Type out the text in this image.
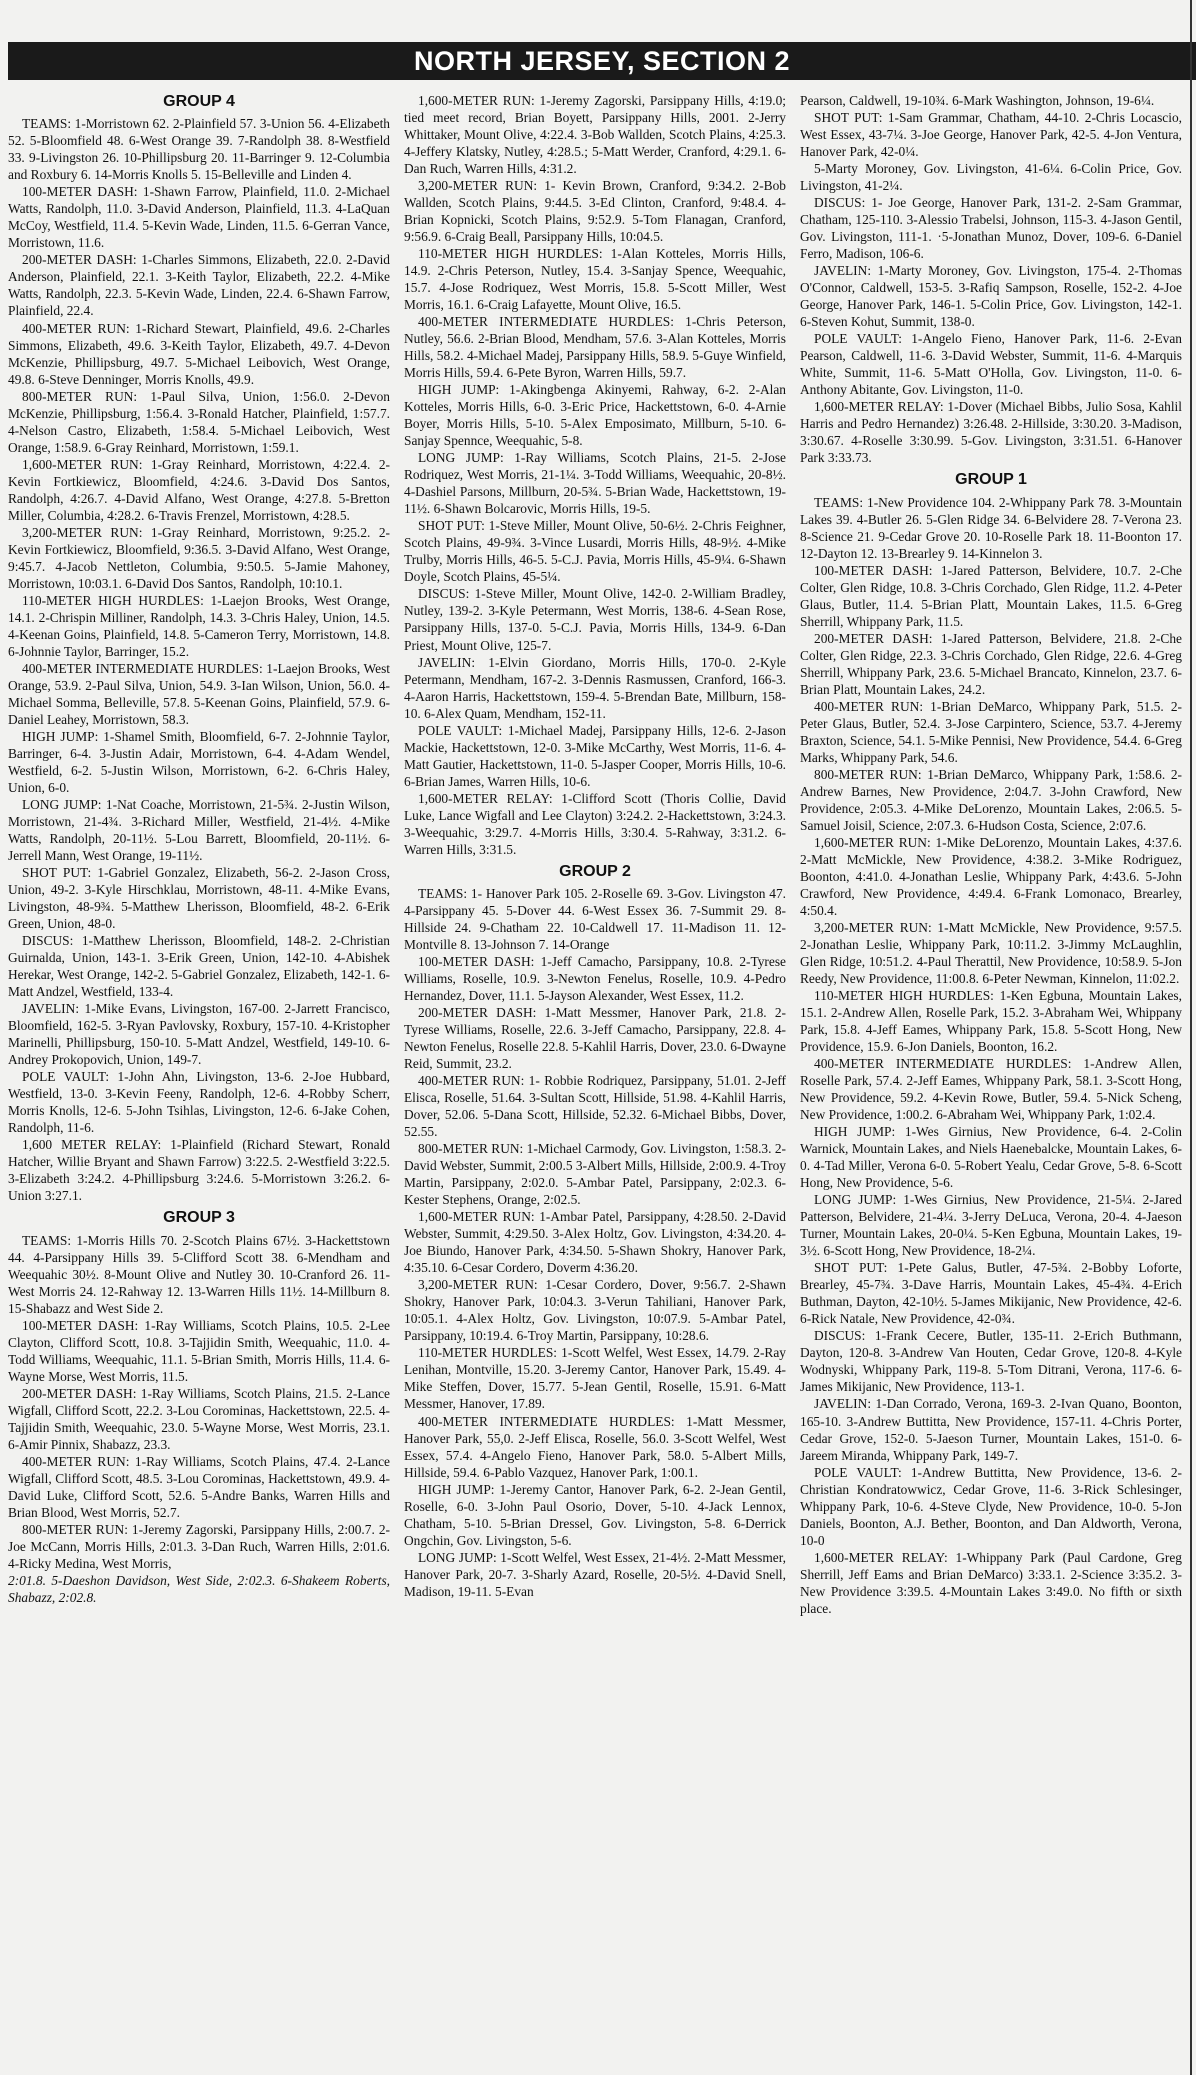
NORTH JERSEY, SECTION 2

GROUP 4

TEAMS: 1-Morristown 62. 2-Plainfield 57. 3-Union 56. 4-Elizabeth 52. 5-Bloomfield 48. 6-West Orange 39. 7-Randolph 38. 8-Westfield 33. 9-Livingston 26. 10-Phillipsburg 20. 11-Barringer 9. 12-Columbia and Roxbury 6. 14-Morris Knolls 5. 15-Belleville and Linden 4.

100-METER DASH: 1-Shawn Farrow, Plainfield, 11.0. 2-Michael Watts, Randolph, 11.0. 3-David Anderson, Plainfield, 11.3. 4-LaQuan McCoy, Westfield, 11.4. 5-Kevin Wade, Linden, 11.5. 6-Gerran Vance, Morristown, 11.6.

200-METER DASH: 1-Charles Simmons, Elizabeth, 22.0. 2-David Anderson, Plainfield, 22.1. 3-Keith Taylor, Elizabeth, 22.2. 4-Mike Watts, Randolph, 22.3. 5-Kevin Wade, Linden, 22.4. 6-Shawn Farrow, Plainfield, 22.4.

400-METER RUN: 1-Richard Stewart, Plainfield, 49.6. 2-Charles Simmons, Elizabeth, 49.6. 3-Keith Taylor, Elizabeth, 49.7. 4-Devon McKenzie, Phillipsburg, 49.7. 5-Michael Leibovich, West Orange, 49.8. 6-Steve Denninger, Morris Knolls, 49.9.

800-METER RUN: 1-Paul Silva, Union, 1:56.0. 2-Devon McKenzie, Phillipsburg, 1:56.4. 3-Ronald Hatcher, Plainfield, 1:57.7. 4-Nelson Castro, Elizabeth, 1:58.4. 5-Michael Leibovich, West Orange, 1:58.9. 6-Gray Reinhard, Morristown, 1:59.1.

1,600-METER RUN: 1-Gray Reinhard, Morristown, 4:22.4. 2-Kevin Fortkiewicz, Bloomfield, 4:24.6. 3-David Dos Santos, Randolph, 4:26.7. 4-David Alfano, West Orange, 4:27.8. 5-Bretton Miller, Columbia, 4:28.2. 6-Travis Frenzel, Morristown, 4:28.5.

3,200-METER RUN: 1-Gray Reinhard, Morristown, 9:25.2. 2-Kevin Fortkiewicz, Bloomfield, 9:36.5. 3-David Alfano, West Orange, 9:45.7. 4-Jacob Nettleton, Columbia, 9:50.5. 5-Jamie Mahoney, Morristown, 10:03.1. 6-David Dos Santos, Randolph, 10:10.1.

110-METER HIGH HURDLES: 1-Laejon Brooks, West Orange, 14.1. 2-Chrispin Milliner, Randolph, 14.3. 3-Chris Haley, Union, 14.5. 4-Keenan Goins, Plainfield, 14.8. 5-Cameron Terry, Morristown, 14.8. 6-Johnnie Taylor, Barringer, 15.2.

400-METER INTERMEDIATE HURDLES: 1-Laejon Brooks, West Orange, 53.9. 2-Paul Silva, Union, 54.9. 3-Ian Wilson, Union, 56.0. 4-Michael Somma, Belleville, 57.8. 5-Keenan Goins, Plainfield, 57.9. 6-Daniel Leahey, Morristown, 58.3.

HIGH JUMP: 1-Shamel Smith, Bloomfield, 6-7. 2-Johnnie Taylor, Barringer, 6-4. 3-Justin Adair, Morristown, 6-4. 4-Adam Wendel, Westfield, 6-2. 5-Justin Wilson, Morristown, 6-2. 6-Chris Haley, Union, 6-0.

LONG JUMP: 1-Nat Coache, Morristown, 21-5¾. 2-Justin Wilson, Morristown, 21-4¾. 3-Richard Miller, Westfield, 21-4½. 4-Mike Watts, Randolph, 20-11½. 5-Lou Barrett, Bloomfield, 20-11½. 6-Jerrell Mann, West Orange, 19-11½.

SHOT PUT: 1-Gabriel Gonzalez, Elizabeth, 56-2. 2-Jason Cross, Union, 49-2. 3-Kyle Hirschklau, Morristown, 48-11. 4-Mike Evans, Livingston, 48-9¾. 5-Matthew Lherisson, Bloomfield, 48-2. 6-Erik Green, Union, 48-0.

DISCUS: 1-Matthew Lherisson, Bloomfield, 148-2. 2-Christian Guirnalda, Union, 143-1. 3-Erik Green, Union, 142-10. 4-Abishek Herekar, West Orange, 142-2. 5-Gabriel Gonzalez, Elizabeth, 142-1. 6-Matt Andzel, Westfield, 133-4.

JAVELIN: 1-Mike Evans, Livingston, 167-00. 2-Jarrett Francisco, Bloomfield, 162-5. 3-Ryan Pavlovsky, Roxbury, 157-10. 4-Kristopher Marinelli, Phillipsburg, 150-10. 5-Matt Andzel, Westfield, 149-10. 6-Andrey Prokopovich, Union, 149-7.

POLE VAULT: 1-John Ahn, Livingston, 13-6. 2-Joe Hubbard, Westfield, 13-0. 3-Kevin Feeny, Randolph, 12-6. 4-Robby Scherr, Morris Knolls, 12-6. 5-John Tsihlas, Livingston, 12-6. 6-Jake Cohen, Randolph, 11-6.

1,600 METER RELAY: 1-Plainfield (Richard Stewart, Ronald Hatcher, Willie Bryant and Shawn Farrow) 3:22.5. 2-Westfield 3:22.5. 3-Elizabeth 3:24.2. 4-Phillipsburg 3:24.6. 5-Morristown 3:26.2. 6-Union 3:27.1.

GROUP 3

TEAMS: 1-Morris Hills 70. 2-Scotch Plains 67½. 3-Hackettstown 44. 4-Parsippany Hills 39. 5-Clifford Scott 38. 6-Mendham and Weequahic 30½. 8-Mount Olive and Nutley 30. 10-Cranford 26. 11- West Morris 24. 12-Rahway 12. 13-Warren Hills 11½. 14-Millburn 8. 15-Shabazz and West Side 2.

100-METER DASH: 1-Ray Williams, Scotch Plains, 10.5. 2-Lee Clayton, Clifford Scott, 10.8. 3-Tajjidin Smith, Weequahic, 11.0. 4-Todd Williams, Weequahic, 11.1. 5-Brian Smith, Morris Hills, 11.4. 6-Wayne Morse, West Morris, 11.5.

200-METER DASH: 1-Ray Williams, Scotch Plains, 21.5. 2-Lance Wigfall, Clifford Scott, 22.2. 3-Lou Corominas, Hackettstown, 22.5. 4-Tajjidin Smith, Weequahic, 23.0. 5-Wayne Morse, West Morris, 23.1. 6-Amir Pinnix, Shabazz, 23.3.

400-METER RUN: 1-Ray Williams, Scotch Plains, 47.4. 2-Lance Wigfall, Clifford Scott, 48.5. 3-Lou Corominas, Hackettstown, 49.9. 4-David Luke, Clifford Scott, 52.6. 5-Andre Banks, Warren Hills and Brian Blood, West Morris, 52.7.

800-METER RUN: 1-Jeremy Zagorski, Parsippany Hills, 2:00.7. 2-Joe McCann, Morris Hills, 2:01.3. 3-Dan Ruch, Warren Hills, 2:01.6. 4-Ricky Medina, West Morris,

2:01.8. 5-Daeshon Davidson, West Side, 2:02.3. 6-Shakeem Roberts, Shabazz, 2:02.8.

1,600-METER RUN: 1-Jeremy Zagorski, Parsippany Hills, 4:19.0; tied meet record, Brian Boyett, Parsippany Hills, 2001. 2-Jerry Whittaker, Mount Olive, 4:22.4. 3-Bob Wallden, Scotch Plains, 4:25.3. 4-Jeffery Klatsky, Nutley, 4:28.5.; 5-Matt Werder, Cranford, 4:29.1. 6-Dan Ruch, Warren Hills, 4:31.2.

3,200-METER RUN: 1- Kevin Brown, Cranford, 9:34.2. 2-Bob Wallden, Scotch Plains, 9:44.5. 3-Ed Clinton, Cranford, 9:48.4. 4-Brian Kopnicki, Scotch Plains, 9:52.9. 5-Tom Flanagan, Cranford, 9:56.9. 6-Craig Beall, Parsippany Hills, 10:04.5.

110-METER HIGH HURDLES: 1-Alan Kotteles, Morris Hills, 14.9. 2-Chris Peterson, Nutley, 15.4. 3-Sanjay Spence, Weequahic, 15.7. 4-Jose Rodriquez, West Morris, 15.8. 5-Scott Miller, West Morris, 16.1. 6-Craig Lafayette, Mount Olive, 16.5.

400-METER INTERMEDIATE HURDLES: 1-Chris Peterson, Nutley, 56.6. 2-Brian Blood, Mendham, 57.6. 3-Alan Kotteles, Morris Hills, 58.2. 4-Michael Madej, Parsippany Hills, 58.9. 5-Guye Winfield, Morris Hills, 59.4. 6-Pete Byron, Warren Hills, 59.7.

HIGH JUMP: 1-Akingbenga Akinyemi, Rahway, 6-2. 2-Alan Kotteles, Morris Hills, 6-0. 3-Eric Price, Hackettstown, 6-0. 4-Arnie Boyer, Morris Hills, 5-10. 5-Alex Emposimato, Millburn, 5-10. 6-Sanjay Spennce, Weequahic, 5-8.

LONG JUMP: 1-Ray Williams, Scotch Plains, 21-5. 2-Jose Rodriquez, West Morris, 21-1¼. 3-Todd Williams, Weequahic, 20-8½. 4-Dashiel Parsons, Millburn, 20-5¾. 5-Brian Wade, Hackettstown, 19-11½. 6-Shawn Bolcarovic, Morris Hills, 19-5.

SHOT PUT: 1-Steve Miller, Mount Olive, 50-6½. 2-Chris Feighner, Scotch Plains, 49-9¾. 3-Vince Lusardi, Morris Hills, 48-9½. 4-Mike Trulby, Morris Hills, 46-5. 5-C.J. Pavia, Morris Hills, 45-9¼. 6-Shawn Doyle, Scotch Plains, 45-5¼.

DISCUS: 1-Steve Miller, Mount Olive, 142-0. 2-William Bradley, Nutley, 139-2. 3-Kyle Petermann, West Morris, 138-6. 4-Sean Rose, Parsippany Hills, 137-0. 5-C.J. Pavia, Morris Hills, 134-9. 6-Dan Priest, Mount Olive, 125-7.

JAVELIN: 1-Elvin Giordano, Morris Hills, 170-0. 2-Kyle Petermann, Mendham, 167-2. 3-Dennis Rasmussen, Cranford, 166-3. 4-Aaron Harris, Hackettstown, 159-4. 5-Brendan Bate, Millburn, 158-10. 6-Alex Quam, Mendham, 152-11.

POLE VAULT: 1-Michael Madej, Parsippany Hills, 12-6. 2-Jason Mackie, Hackettstown, 12-0. 3-Mike McCarthy, West Morris, 11-6. 4-Matt Gautier, Hackettstown, 11-0. 5-Jasper Cooper, Morris Hills, 10-6. 6-Brian James, Warren Hills, 10-6.

1,600-METER RELAY: 1-Clifford Scott (Thoris Collie, David Luke, Lance Wigfall and Lee Clayton) 3:24.2. 2-Hackettstown, 3:24.3. 3-Weequahic, 3:29.7. 4-Morris Hills, 3:30.4. 5-Rahway, 3:31.2. 6-Warren Hills, 3:31.5.

GROUP 2

TEAMS: 1- Hanover Park 105. 2-Roselle 69. 3-Gov. Livingston 47. 4-Parsippany 45. 5-Dover 44. 6-West Essex 36. 7-Summit 29. 8-Hillside 24. 9-Chatham 22. 10-Caldwell 17. 11-Madison 11. 12-Montville 8. 13-Johnson 7. 14-Orange

100-METER DASH: 1-Jeff Camacho, Parsippany, 10.8. 2-Tyrese Williams, Roselle, 10.9. 3-Newton Fenelus, Roselle, 10.9. 4-Pedro Hernandez, Dover, 11.1. 5-Jayson Alexander, West Essex, 11.2.

200-METER DASH: 1-Matt Messmer, Hanover Park, 21.8. 2-Tyrese Williams, Roselle, 22.6. 3-Jeff Camacho, Parsippany, 22.8. 4-Newton Fenelus, Roselle 22.8. 5-Kahlil Harris, Dover, 23.0. 6-Dwayne Reid, Summit, 23.2.

400-METER RUN: 1- Robbie Rodriquez, Parsippany, 51.01. 2-Jeff Elisca, Roselle, 51.64. 3-Sultan Scott, Hillside, 51.98. 4-Kahlil Harris, Dover, 52.06. 5-Dana Scott, Hillside, 52.32. 6-Michael Bibbs, Dover, 52.55.

800-METER RUN: 1-Michael Carmody, Gov. Livingston, 1:58.3. 2-David Webster, Summit, 2:00.5 3-Albert Mills, Hillside, 2:00.9. 4-Troy Martin, Parsippany, 2:02.0. 5-Ambar Patel, Parsippany, 2:02.3. 6-Kester Stephens, Orange, 2:02.5.

1,600-METER RUN: 1-Ambar Patel, Parsippany, 4:28.50. 2-David Webster, Summit, 4:29.50. 3-Alex Holtz, Gov. Livingston, 4:34.20. 4-Joe Biundo, Hanover Park, 4:34.50. 5-Shawn Shokry, Hanover Park, 4:35.10. 6-Cesar Cordero, Doverm 4:36.20.

3,200-METER RUN: 1-Cesar Cordero, Dover, 9:56.7. 2-Shawn Shokry, Hanover Park, 10:04.3. 3-Verun Tahiliani, Hanover Park, 10:05.1. 4-Alex Holtz, Gov. Livingston, 10:07.9. 5-Ambar Patel, Parsippany, 10:19.4. 6-Troy Martin, Parsippany, 10:28.6.

110-METER HURDLES: 1-Scott Welfel, West Essex, 14.79. 2-Ray Lenihan, Montville, 15.20. 3-Jeremy Cantor, Hanover Park, 15.49. 4-Mike Steffen, Dover, 15.77. 5-Jean Gentil, Roselle, 15.91. 6-Matt Messmer, Hanover, 17.89.

400-METER INTERMEDIATE HURDLES: 1-Matt Messmer, Hanover Park, 55,0. 2-Jeff Elisca, Roselle, 56.0. 3-Scott Welfel, West Essex, 57.4. 4-Angelo Fieno, Hanover Park, 58.0. 5-Albert Mills, Hillside, 59.4. 6-Pablo Vazquez, Hanover Park, 1:00.1.

HIGH JUMP: 1-Jeremy Cantor, Hanover Park, 6-2. 2-Jean Gentil, Roselle, 6-0. 3-John Paul Osorio, Dover, 5-10. 4-Jack Lennox, Chatham, 5-10. 5-Brian Dressel, Gov. Livingston, 5-8. 6-Derrick Ongchin, Gov. Livingston, 5-6.

LONG JUMP: 1-Scott Welfel, West Essex, 21-4½. 2-Matt Messmer, Hanover Park, 20-7. 3-Sharly Azard, Roselle, 20-5½. 4-David Snell, Madison, 19-11. 5-Evan

Pearson, Caldwell, 19-10¾. 6-Mark Washington, Johnson, 19-6¼.

SHOT PUT: 1-Sam Grammar, Chatham, 44-10. 2-Chris Locascio, West Essex, 43-7¼. 3-Joe George, Hanover Park, 42-5. 4-Jon Ventura, Hanover Park, 42-0¼.

5-Marty Moroney, Gov. Livingston, 41-6¼. 6-Colin Price, Gov. Livingston, 41-2¼.

DISCUS: 1- Joe George, Hanover Park, 131-2. 2-Sam Grammar, Chatham, 125-110. 3-Alessio Trabelsi, Johnson, 115-3. 4-Jason Gentil, Gov. Livingston, 111-1. ·5-Jonathan Munoz, Dover, 109-6. 6-Daniel Ferro, Madison, 106-6.

JAVELIN: 1-Marty Moroney, Gov. Livingston, 175-4. 2-Thomas O'Connor, Caldwell, 153-5. 3-Rafiq Sampson, Roselle, 152-2. 4-Joe George, Hanover Park, 146-1. 5-Colin Price, Gov. Livingston, 142-1. 6-Steven Kohut, Summit, 138-0.

POLE VAULT: 1-Angelo Fieno, Hanover Park, 11-6. 2-Evan Pearson, Caldwell, 11-6. 3-David Webster, Summit, 11-6. 4-Marquis White, Summit, 11-6. 5-Matt O'Holla, Gov. Livingston, 11-0. 6-Anthony Abitante, Gov. Livingston, 11-0.

1,600-METER RELAY: 1-Dover (Michael Bibbs, Julio Sosa, Kahlil Harris and Pedro Hernandez) 3:26.48. 2-Hillside, 3:30.20. 3-Madison, 3:30.67. 4-Roselle 3:30.99. 5-Gov. Livingston, 3:31.51. 6-Hanover Park 3:33.73.

GROUP 1

TEAMS: 1-New Providence 104. 2-Whippany Park 78. 3-Mountain Lakes 39. 4-Butler 26. 5-Glen Ridge 34. 6-Belvidere 28. 7-Verona 23. 8-Science 21. 9-Cedar Grove 20. 10-Roselle Park 18. 11-Boonton 17. 12-Dayton 12. 13-Brearley 9. 14-Kinnelon 3.

100-METER DASH: 1-Jared Patterson, Belvidere, 10.7. 2-Che Colter, Glen Ridge, 10.8. 3-Chris Corchado, Glen Ridge, 11.2. 4-Peter Glaus, Butler, 11.4. 5-Brian Platt, Mountain Lakes, 11.5. 6-Greg Sherrill, Whippany Park, 11.5.

200-METER DASH: 1-Jared Patterson, Belvidere, 21.8. 2-Che Colter, Glen Ridge, 22.3. 3-Chris Corchado, Glen Ridge, 22.6. 4-Greg Sherrill, Whippany Park, 23.6. 5-Michael Brancato, Kinnelon, 23.7. 6-Brian Platt, Mountain Lakes, 24.2.

400-METER RUN: 1-Brian DeMarco, Whippany Park, 51.5. 2-Peter Glaus, Butler, 52.4. 3-Jose Carpintero, Science, 53.7. 4-Jeremy Braxton, Science, 54.1. 5-Mike Pennisi, New Providence, 54.4. 6-Greg Marks, Whippany Park, 54.6.

800-METER RUN: 1-Brian DeMarco, Whippany Park, 1:58.6. 2-Andrew Barnes, New Providence, 2:04.7. 3-John Crawford, New Providence, 2:05.3. 4-Mike DeLorenzo, Mountain Lakes, 2:06.5. 5-Samuel Joisil, Science, 2:07.3. 6-Hudson Costa, Science, 2:07.6.

1,600-METER RUN: 1-Mike DeLorenzo, Mountain Lakes, 4:37.6. 2-Matt McMickle, New Providence, 4:38.2. 3-Mike Rodriguez, Boonton, 4:41.0. 4-Jonathan Leslie, Whippany Park, 4:43.6. 5-John Crawford, New Providence, 4:49.4. 6-Frank Lomonaco, Brearley, 4:50.4.

3,200-METER RUN: 1-Matt McMickle, New Providence, 9:57.5. 2-Jonathan Leslie, Whippany Park, 10:11.2. 3-Jimmy McLaughlin, Glen Ridge, 10:51.2. 4-Paul Therattil, New Providence, 10:58.9. 5-Jon Reedy, New Providence, 11:00.8. 6-Peter Newman, Kinnelon, 11:02.2.

110-METER HIGH HURDLES: 1-Ken Egbuna, Mountain Lakes, 15.1. 2-Andrew Allen, Roselle Park, 15.2. 3-Abraham Wei, Whippany Park, 15.8. 4-Jeff Eames, Whippany Park, 15.8. 5-Scott Hong, New Providence, 15.9. 6-Jon Daniels, Boonton, 16.2.

400-METER INTERMEDIATE HURDLES: 1-Andrew Allen, Roselle Park, 57.4. 2-Jeff Eames, Whippany Park, 58.1. 3-Scott Hong, New Providence, 59.2. 4-Kevin Rowe, Butler, 59.4. 5-Nick Scheng, New Providence, 1:00.2. 6-Abraham Wei, Whippany Park, 1:02.4.

HIGH JUMP: 1-Wes Girnius, New Providence, 6-4. 2-Colin Warnick, Mountain Lakes, and Niels Haenebalcke, Mountain Lakes, 6-0. 4-Tad Miller, Verona 6-0. 5-Robert Yealu, Cedar Grove, 5-8. 6-Scott Hong, New Providence, 5-6.

LONG JUMP: 1-Wes Girnius, New Providence, 21-5¼. 2-Jared Patterson, Belvidere, 21-4¼. 3-Jerry DeLuca, Verona, 20-4. 4-Jaeson Turner, Mountain Lakes, 20-0¼. 5-Ken Egbuna, Mountain Lakes, 19-3½. 6-Scott Hong, New Providence, 18-2¼.

SHOT PUT: 1-Pete Galus, Butler, 47-5¾. 2-Bobby Loforte, Brearley, 45-7¾. 3-Dave Harris, Mountain Lakes, 45-4¾. 4-Erich Buthman, Dayton, 42-10½. 5-James Mikijanic, New Providence, 42-6. 6-Rick Natale, New Providence, 42-0¾.

DISCUS: 1-Frank Cecere, Butler, 135-11. 2-Erich Buthmann, Dayton, 120-8. 3-Andrew Van Houten, Cedar Grove, 120-8. 4-Kyle Wodnyski, Whippany Park, 119-8. 5-Tom Ditrani, Verona, 117-6. 6-James Mikijanic, New Providence, 113-1.

JAVELIN: 1-Dan Corrado, Verona, 169-3. 2-Ivan Quano, Boonton, 165-10. 3-Andrew Buttitta, New Providence, 157-11. 4-Chris Porter, Cedar Grove, 152-0. 5-Jaeson Turner, Mountain Lakes, 151-0. 6-Jareem Miranda, Whippany Park, 149-7.

POLE VAULT: 1-Andrew Buttitta, New Providence, 13-6. 2-Christian Kondratowwicz, Cedar Grove, 11-6. 3-Rick Schlesinger, Whippany Park, 10-6. 4-Steve Clyde, New Providence, 10-0. 5-Jon Daniels, Boonton, A.J. Bether, Boonton, and Dan Aldworth, Verona, 10-0

1,600-METER RELAY: 1-Whippany Park (Paul Cardone, Greg Sherrill, Jeff Eams and Brian DeMarco) 3:33.1. 2-Science 3:35.2. 3-New Providence 3:39.5. 4-Mountain Lakes 3:49.0. No fifth or sixth place.
